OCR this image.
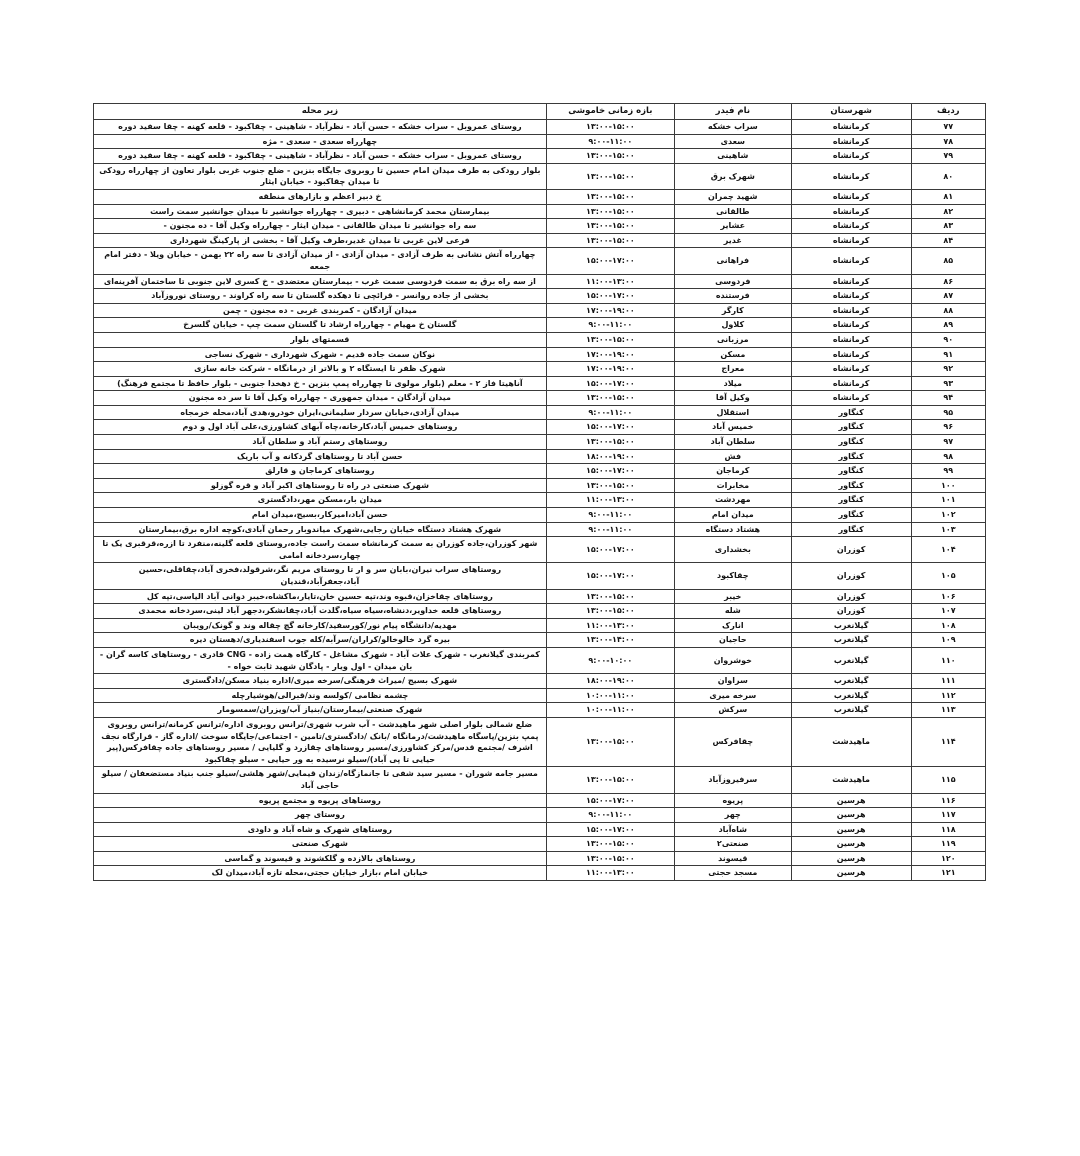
ردیف	شهرستان	نام فیدر	بازه زمانی خاموشی	زیر محله
۷۷	کرمانشاه	سراب خشکه	۱۳:۰۰-۱۵:۰۰	روستای عمروبل - سراب خشکه - حسن آباد - نظرآباد - شاهینی - چقاکبود - قلعه کهنه - چقا سفید دوره
۷۸	کرمانشاه	سعدی	۹:۰۰-۱۱:۰۰	چهارراه سعدی - سعدی - مژه
۷۹	کرمانشاه	شاهینی	۱۳:۰۰-۱۵:۰۰	روستای عمروبل - سراب خشکه - حسن آباد - نظرآباد - شاهینی - چقاکبود - قلعه کهنه - چقا سفید دوره
۸۰	کرمانشاه	شهرک برق	۱۳:۰۰-۱۵:۰۰	بلوار رودکی به طرف میدان امام حسین تا روبروی جایگاه بنزین - ضلع جنوب غربی بلوار تعاون از چهارراه رودکی تا میدان چقاکبود - خیابان ایثار
۸۱	کرمانشاه	شهید چمران	۱۳:۰۰-۱۵:۰۰	خ دبیر اعظم و بازارهای منطقه
۸۲	کرمانشاه	طالقانی	۱۳:۰۰-۱۵:۰۰	بیمارستان محمد کرمانشاهی - دبیری - چهارراه جوانشیر تا میدان جوانشیر سمت راست
۸۳	کرمانشاه	عشایر	۱۳:۰۰-۱۵:۰۰	سه راه جوانشیر تا میدان طالقانی - میدان ایثار - چهارراه وکیل آقا - ده مجنون -
۸۴	کرمانشاه	غدیر	۱۳:۰۰-۱۵:۰۰	فرعی لاین غربی تا میدان غدیر،طرف وکیل آقا - بخشی از پارکینگ شهرداری
۸۵	کرمانشاه	فراهانی	۱۵:۰۰-۱۷:۰۰	چهارراه آتش نشانی به طرف آزادی - میدان آزادی - از میدان آزادی تا سه راه ۲۲ بهمن - خیابان ویلا - دفتر امام جمعه
۸۶	کرمانشاه	فردوسی	۱۱:۰۰-۱۳:۰۰	از سه راه برق به سمت فردوسی سمت غرب - بیمارستان معتضدی - خ کسری لاین جنوبی تا ساختمان آفرینه‌ای
۸۷	کرمانشاه	فرستنده	۱۵:۰۰-۱۷:۰۰	بخشی از جاده روانسر - قرائچی تا دهکده گلستان تا سه راه کراوند - روستای نوروزآباد
۸۸	کرمانشاه	کارگر	۱۷:۰۰-۱۹:۰۰	میدان آزادگان - کمربندی غربی - ده مجنون - چمن
۸۹	کرمانشاه	کلاول	۹:۰۰-۱۱:۰۰	گلستان خ مهیام - چهارراه ارشاد تا گلستان سمت چپ - خیابان گلسرخ
۹۰	کرمانشاه	مرزبانی	۱۳:۰۰-۱۵:۰۰	قسمتهای بلوار
۹۱	کرمانشاه	مسکن	۱۷:۰۰-۱۹:۰۰	نوکان سمت جاده قدیم - شهرک شهرداری - شهرک نساجی
۹۲	کرمانشاه	معراج	۱۷:۰۰-۱۹:۰۰	شهرک ظفر تا ایستگاه ۲ و بالاتر از درمانگاه - شرکت خانه سازی
۹۳	کرمانشاه	میلاد	۱۵:۰۰-۱۷:۰۰	آناهیتا فاز ۲ - معلم (بلوار مولوی تا چهارراه پمپ بنزین - خ دهخدا جنوبی - بلوار حافظ تا مجتمع فرهنگ)
۹۴	کرمانشاه	وکیل آقا	۱۳:۰۰-۱۵:۰۰	میدان آزادگان - میدان جمهوری - چهارراه وکیل آقا تا سر ده مجنون
۹۵	کنگاور	استقلال	۹:۰۰-۱۱:۰۰	میدان آزادی،خیابان سردار سلیمانی،ایران خودرو،هدی آباد،محله خرمجاه
۹۶	کنگاور	خمیس آباد	۱۵:۰۰-۱۷:۰۰	روستاهای خمیس آباد،کارخانه،چاه آبهای کشاورزی،علی آباد اول و دوم
۹۷	کنگاور	سلطان آباد	۱۳:۰۰-۱۵:۰۰	روستاهای رستم آباد و سلطان آباد
۹۸	کنگاور	فش	۱۸:۰۰-۱۹:۰۰	حسن آباد تا روستاهای گردکانه و آب باریک
۹۹	کنگاور	کرماجان	۱۵:۰۰-۱۷:۰۰	روستاهای کرماجان و قارلق
۱۰۰	کنگاور	مخابرات	۱۳:۰۰-۱۵:۰۰	شهرک صنعتی در راه تا روستاهای اکبر آباد و قره گوزلو
۱۰۱	کنگاور	مهردشت	۱۱:۰۰-۱۳:۰۰	میدان بار،مسکن مهر،دادگستری
۱۰۲	کنگاور	میدان امام	۹:۰۰-۱۱:۰۰	حسن آباد،امیرکار،بسیج،میدان امام
۱۰۳	کنگاور	هشتاد دستگاه	۹:۰۰-۱۱:۰۰	شهرک هشتاد دستگاه خیابان رجایی،شهرک میاندوبار رحمان آبادی،کوچه اداره برق،بیمارستان
۱۰۴	کوزران	بخشداری	۱۵:۰۰-۱۷:۰۰	شهر کوزران،جاده کوزران به سمت کرمانشاه سمت راست جاده،روستای قلعه گلینه،منفرد تا ازره،قرقبری یک تا چهار،سردخانه امامی
۱۰۵	کوزران	چقاکبود	۱۵:۰۰-۱۷:۰۰	روستاهای سراب نیران،بابان سر و ار تا روستای مریم نگر،شرقولد،فخری آباد،چقاقلی،حسین آباد،جعفرآباد،قندیان
۱۰۶	کوزران	خیبر	۱۳:۰۰-۱۵:۰۰	روستاهای چقاخزان،قبوه وند،تپه حسین خان،تایار،ماکشاه،خیبر دوانی آباد الیاسی،تپه کل
۱۰۷	کوزران	شله	۱۳:۰۰-۱۵:۰۰	روستاهای قلعه خداویر،دنشاه،سیاه سیاه،گلدت آباد،چقانشکر،دجهر آباد لینی،سردخانه محمدی
۱۰۸	گیلانغرب	انارک	۱۱:۰۰-۱۳:۰۰	مهدیه/دانشگاه پیام نور/کورسفید/کارخانه گچ چقاله وند و گونک/رویبان
۱۰۹	گیلانغرب	حاجیان	۱۳:۰۰-۱۴:۰۰	بیره گرد خالوخالو/کراران/سرآبه/کله جوب اسفندیاری/دهستان دیره
۱۱۰	گیلانغرب	خوشروان	۹:۰۰-۱۰:۰۰	کمربندی گیلانغرب - شهرک علات آباد - شهرک مشاغل - کارگاه همت زاده - CNG قادری - روستاهای کاسه گران - بان میدان - اول ویار - پادگان شهید ثابت خواه -
۱۱۱	گیلانغرب	سراوان	۱۸:۰۰-۱۹:۰۰	شهرک بسیج /میراث فرهنگی/سرخه میری/اداره بنیاد مسکن/دادگستری
۱۱۲	گیلانغرب	سرخه میری	۱۰:۰۰-۱۱:۰۰	چشمه نظامی /کولسه وند/قبرالی/هوشیارچله
۱۱۳	گیلانغرب	سرکش	۱۰:۰۰-۱۱:۰۰	شهرک صنعتی/بیمارستان/بنیاز آب/ویزران/سمسومار
۱۱۴	ماهیدشت	چقافرکس	۱۳:۰۰-۱۵:۰۰	ضلع شمالی بلوار اصلی شهر ماهیدشت - آب شرب شهری/ترانس روبروی اداره/ترانس کرمانه/ترانس روبروی پمپ بنزین/پاسگاه ماهیدشت/درمانگاه /بانک /دادگستری/تامین - اجتماعی/جایگاه سوخت /اداره گاز - قرارگاه نجف اشرف /مجتمع قدس/مرکز کشاورزی/مسیر روستاهای چقازرد و گلیایی / مسیر روستاهای جاده چقافرکس(پیر حیایی تا پی آباد)/سیلو نرسیده به ور حیایی - سیلو چقاکبود
۱۱۵	ماهیدشت	سرفیروزآباد	۱۳:۰۰-۱۵:۰۰	مسیر جامه شوران - مسیر سید شفی تا جانمازگاه/زندان قیمایی/شهر هلشی/سیلو جنب بنیاد مستضعفان / سیلو حاجی آباد
۱۱۶	هرسین	پریوه	۱۵:۰۰-۱۷:۰۰	روستاهای پریوه و مجتمع پریوه
۱۱۷	هرسین	چهر	۹:۰۰-۱۱:۰۰	روستای چهر
۱۱۸	هرسین	شاه‌آباد	۱۵:۰۰-۱۷:۰۰	روستاهای شهرک و شاه آباد و داودی
۱۱۹	هرسین	صنعتی۲	۱۳:۰۰-۱۵:۰۰	شهرک صنعتی
۱۲۰	هرسین	قیسوند	۱۳:۰۰-۱۵:۰۰	روستاهای بالازده و گلکشوند و قیسوند و گماسی
۱۲۱	هرسین	مسجد حجتی	۱۱:۰۰-۱۳:۰۰	خیابان امام ،بازار خیابان حجتی،محله تازه آباد،میدان لک
